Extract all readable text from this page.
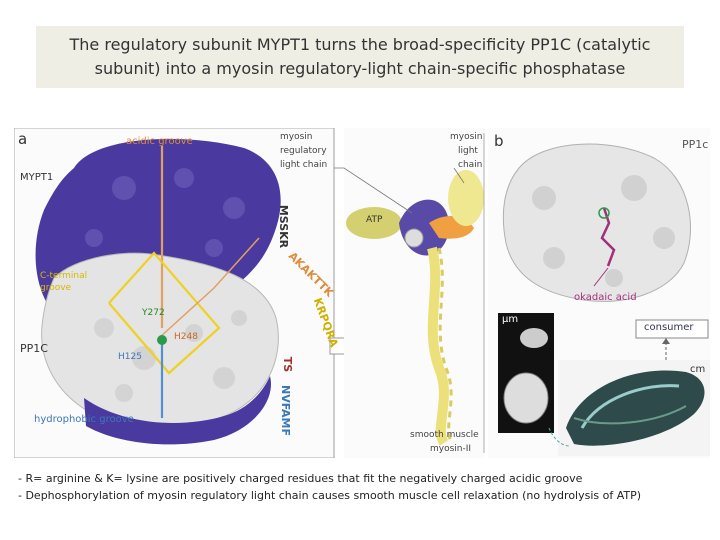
The regulatory subunit MYPT1 turns the broad-specificity PP1C (catalytic
subunit) into a myosin regulatory-light chain-specific phosphatase

a	acidic groove
MYPT1
C-terminal
groove
PP1C
Y272
H248
H125
hydrophobic groove
myosin
regulatory
light chain
MSSKR
AKAKTTK
KRPQRA
TS
NVFAMF
myosin
light
chain
ATP
smooth muscle
myosin-II
b	PP1c
okadaic acid
μm
consumer
cm
- R= arginine & K= lysine are positively charged residues that fit the negatively charged acidic groove
- Dephosphorylation of myosin regulatory light chain causes smooth muscle cell relaxation (no hydrolysis of ATP)
